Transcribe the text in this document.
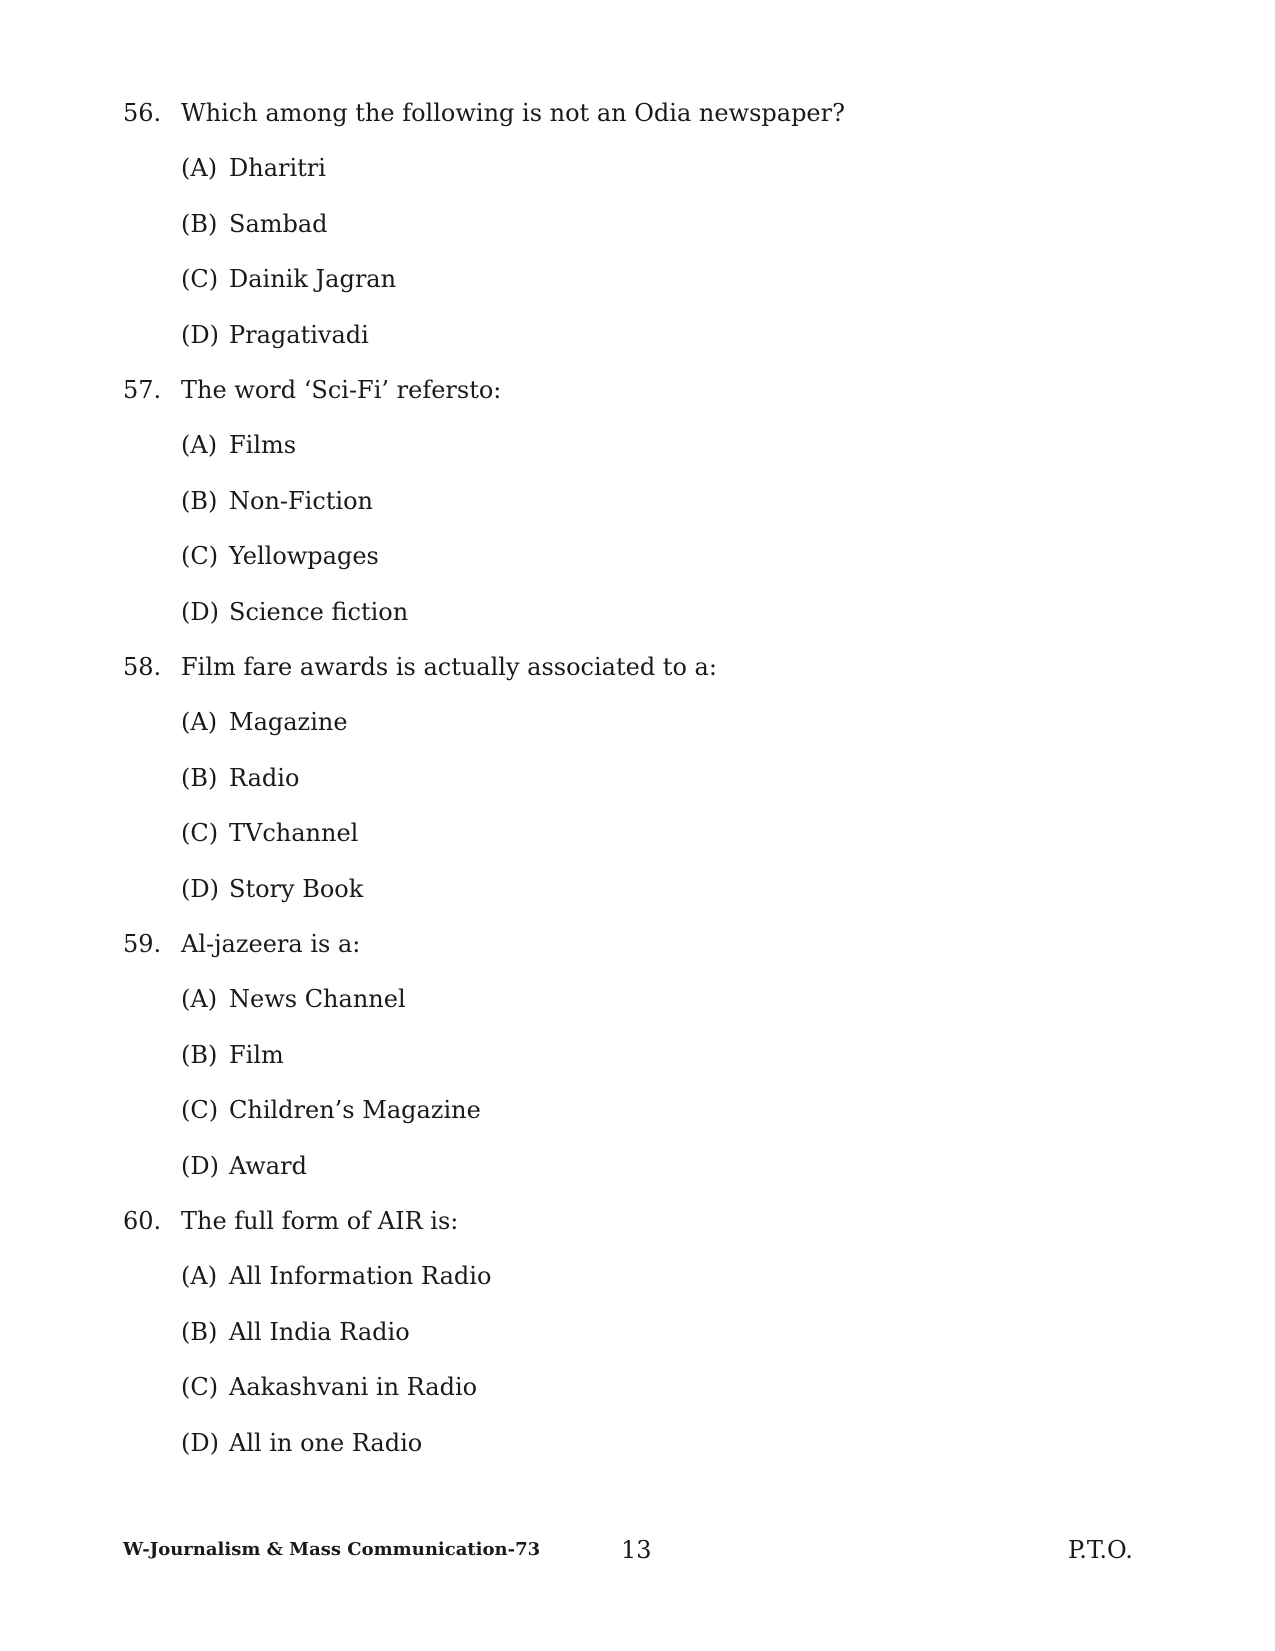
56. Which among the following is not an Odia newspaper?
(A) Dharitri
(B) Sambad
(C) Dainik Jagran
(D) Pragativadi
57. The word ‘Sci-Fi’ refersto:
(A) Films
(B) Non-Fiction
(C) Yellowpages
(D) Science fiction
58. Film fare awards is actually associated to a:
(A) Magazine
(B) Radio
(C) TVchannel
(D) Story Book
59. Al-jazeera is a:
(A) News Channel
(B) Film
(C) Children’s Magazine
(D) Award
60. The full form of AIR is:
(A) All Information Radio
(B) All India Radio
(C) Aakashvani in Radio
(D) All in one Radio
W-Journalism & Mass Communication-73	13	P.T.O.
